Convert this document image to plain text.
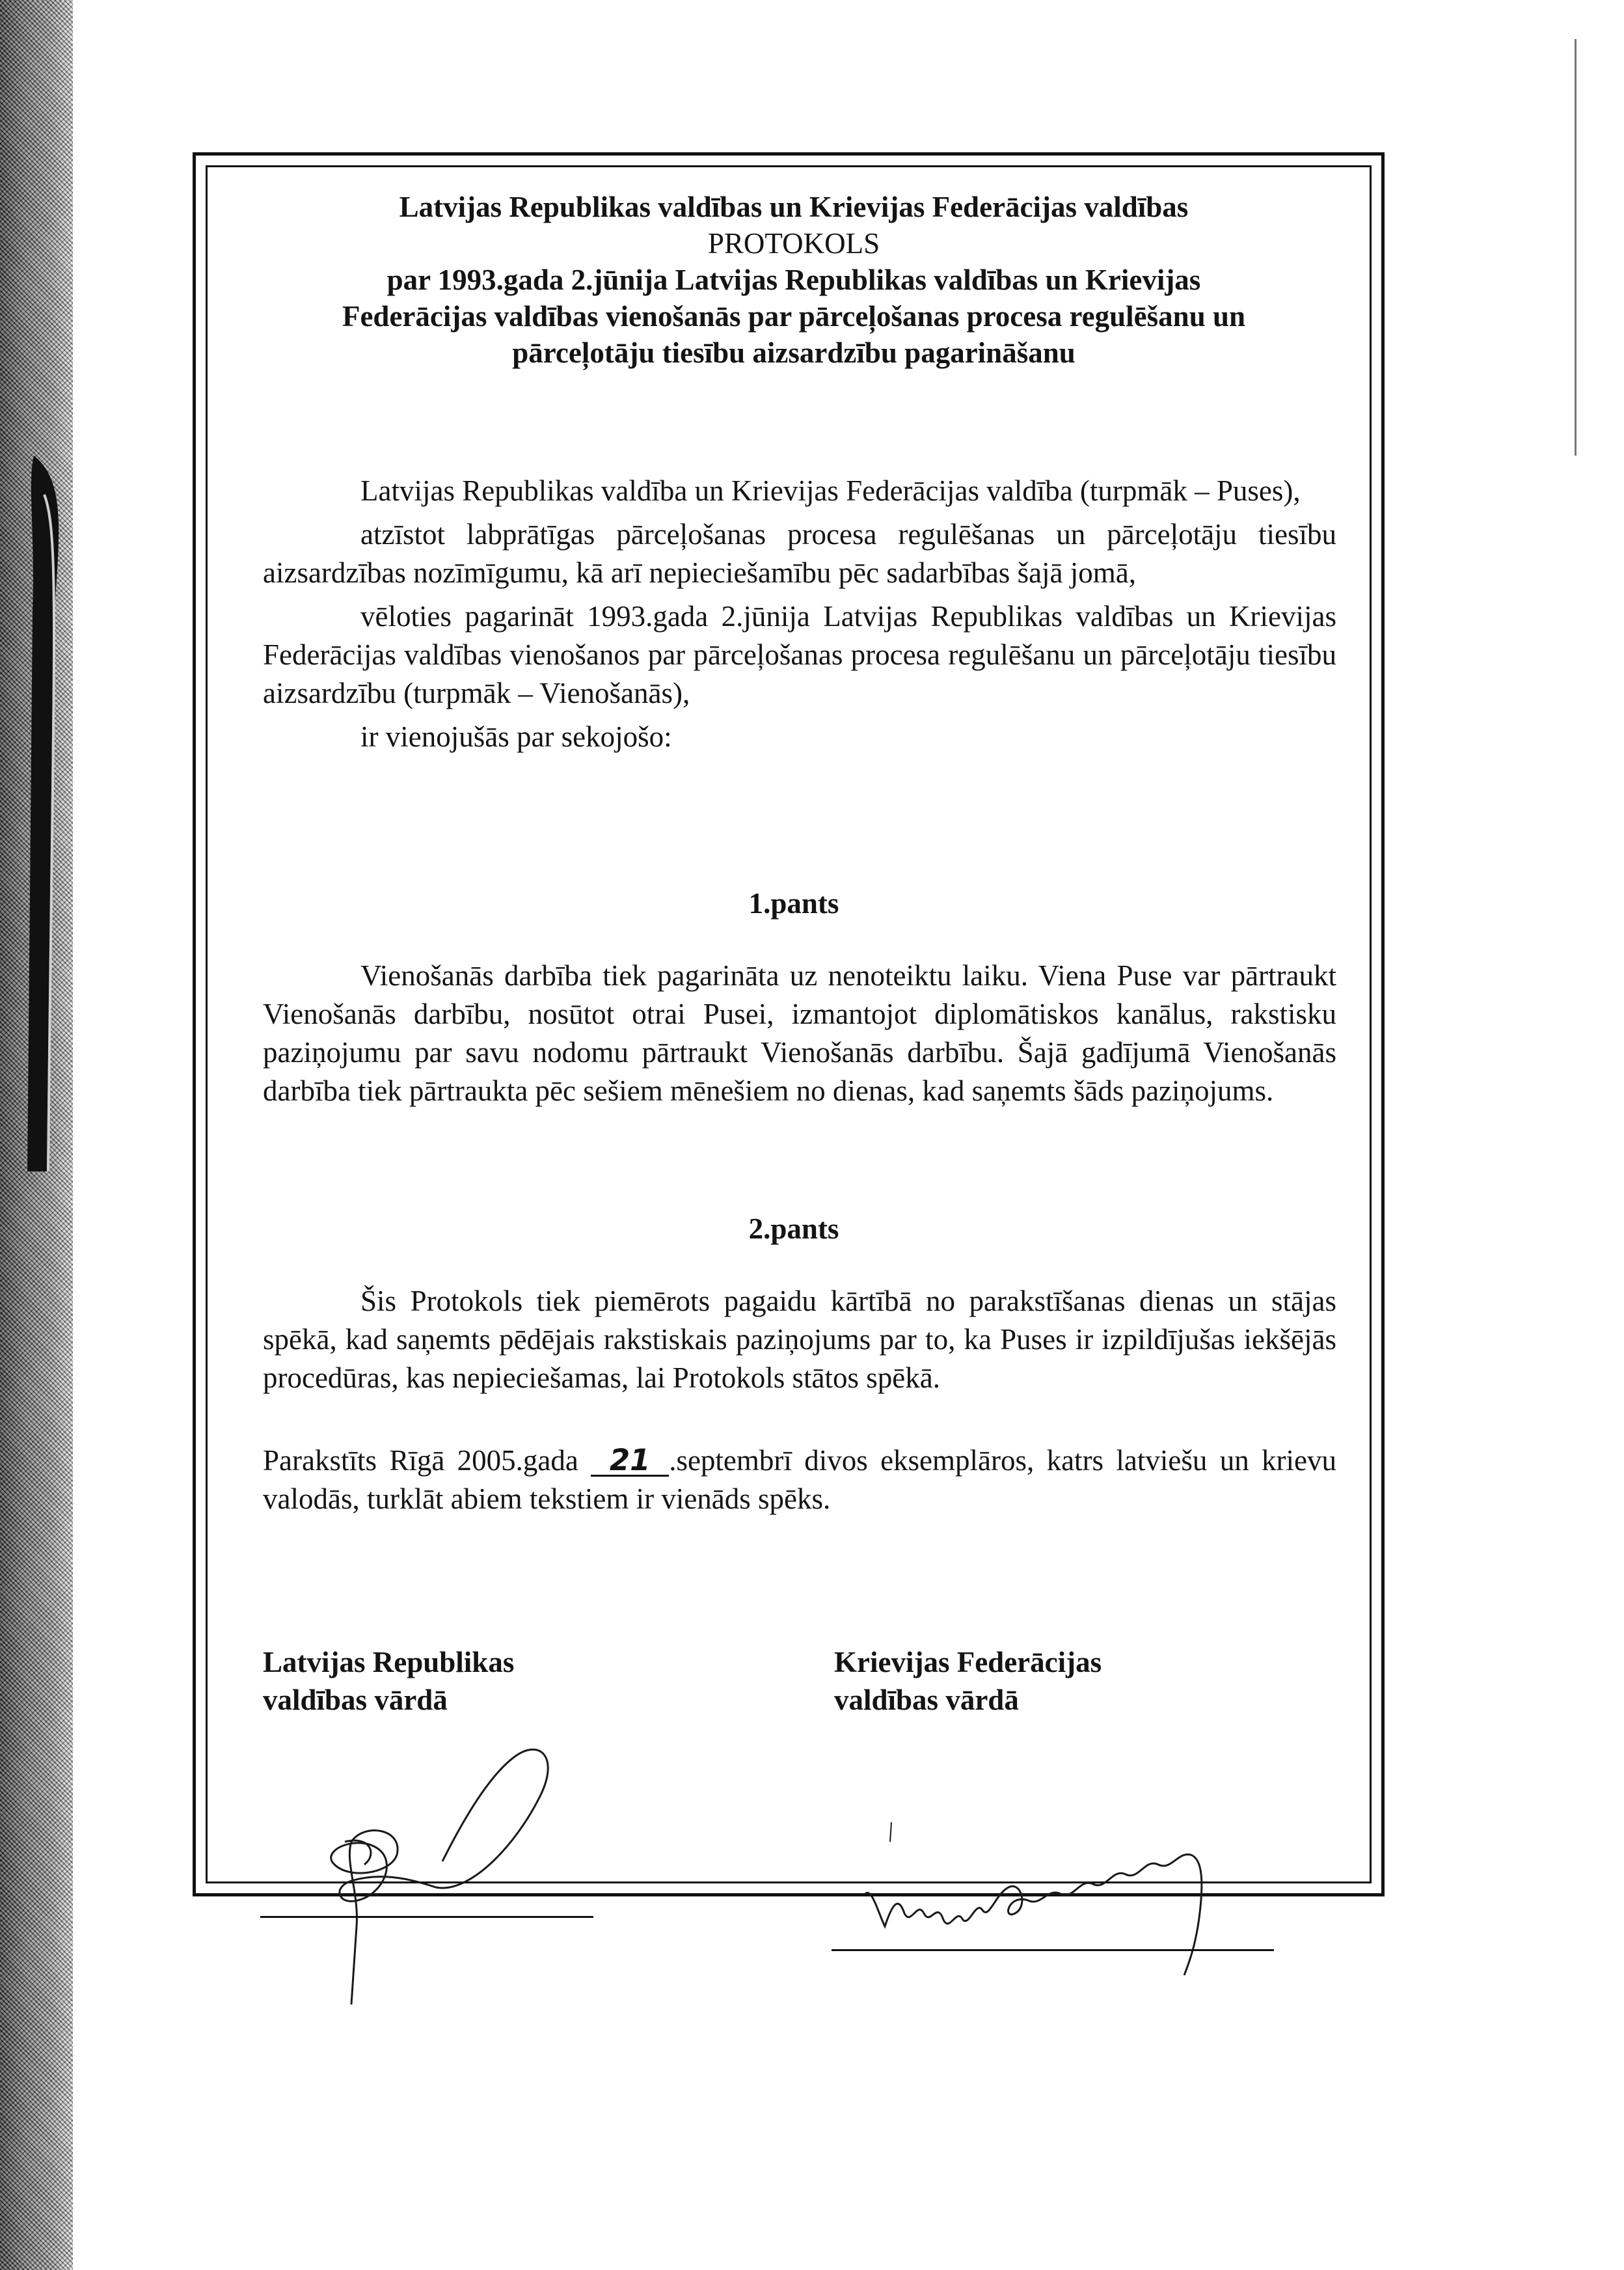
Latvijas Republikas valdības un Krievijas Federācijas valdības
PROTOKOLS
par 1993.gada 2.jūnija Latvijas Republikas valdības un Krievijas
Federācijas valdības vienošanās par pārceļošanas procesa regulēšanu un
pārceļotāju tiesību aizsardzību pagarināšanu

Latvijas Republikas valdība un Krievijas Federācijas valdība (turpmāk – Puses),

atzīstot labprātīgas pārceļošanas procesa regulēšanas un pārceļotāju tiesību aizsardzības nozīmīgumu, kā arī nepieciešamību pēc sadarbības šajā jomā,

vēloties pagarināt 1993.gada 2.jūnija Latvijas Republikas valdības un Krievijas Federācijas valdības vienošanos par pārceļošanas procesa regulēšanu un pārceļotāju tiesību aizsardzību (turpmāk – Vienošanās),

ir vienojušās par sekojošo:

1.pants

Vienošanās darbība tiek pagarināta uz nenoteiktu laiku. Viena Puse var pārtraukt Vienošanās darbību, nosūtot otrai Pusei, izmantojot diplomātiskos kanālus, rakstisku paziņojumu par savu nodomu pārtraukt Vienošanās darbību. Šajā gadījumā Vienošanās darbība tiek pārtraukta pēc sešiem mēnešiem no dienas, kad saņemts šāds paziņojums.

2.pants

Šis Protokols tiek piemērots pagaidu kārtībā no parakstīšanas dienas un stājas spēkā, kad saņemts pēdējais rakstiskais paziņojums par to, ka Puses ir izpildījušas iekšējās procedūras, kas nepieciešamas, lai Protokols stātos spēkā.

Parakstīts Rīgā 2005.gada 21 .septembrī divos eksemplāros, katrs latviešu un krievu valodās, turklāt abiem tekstiem ir vienāds spēks.

Latvijas Republikas
valdības vārdā
Krievijas Federācijas
valdības vārdā
